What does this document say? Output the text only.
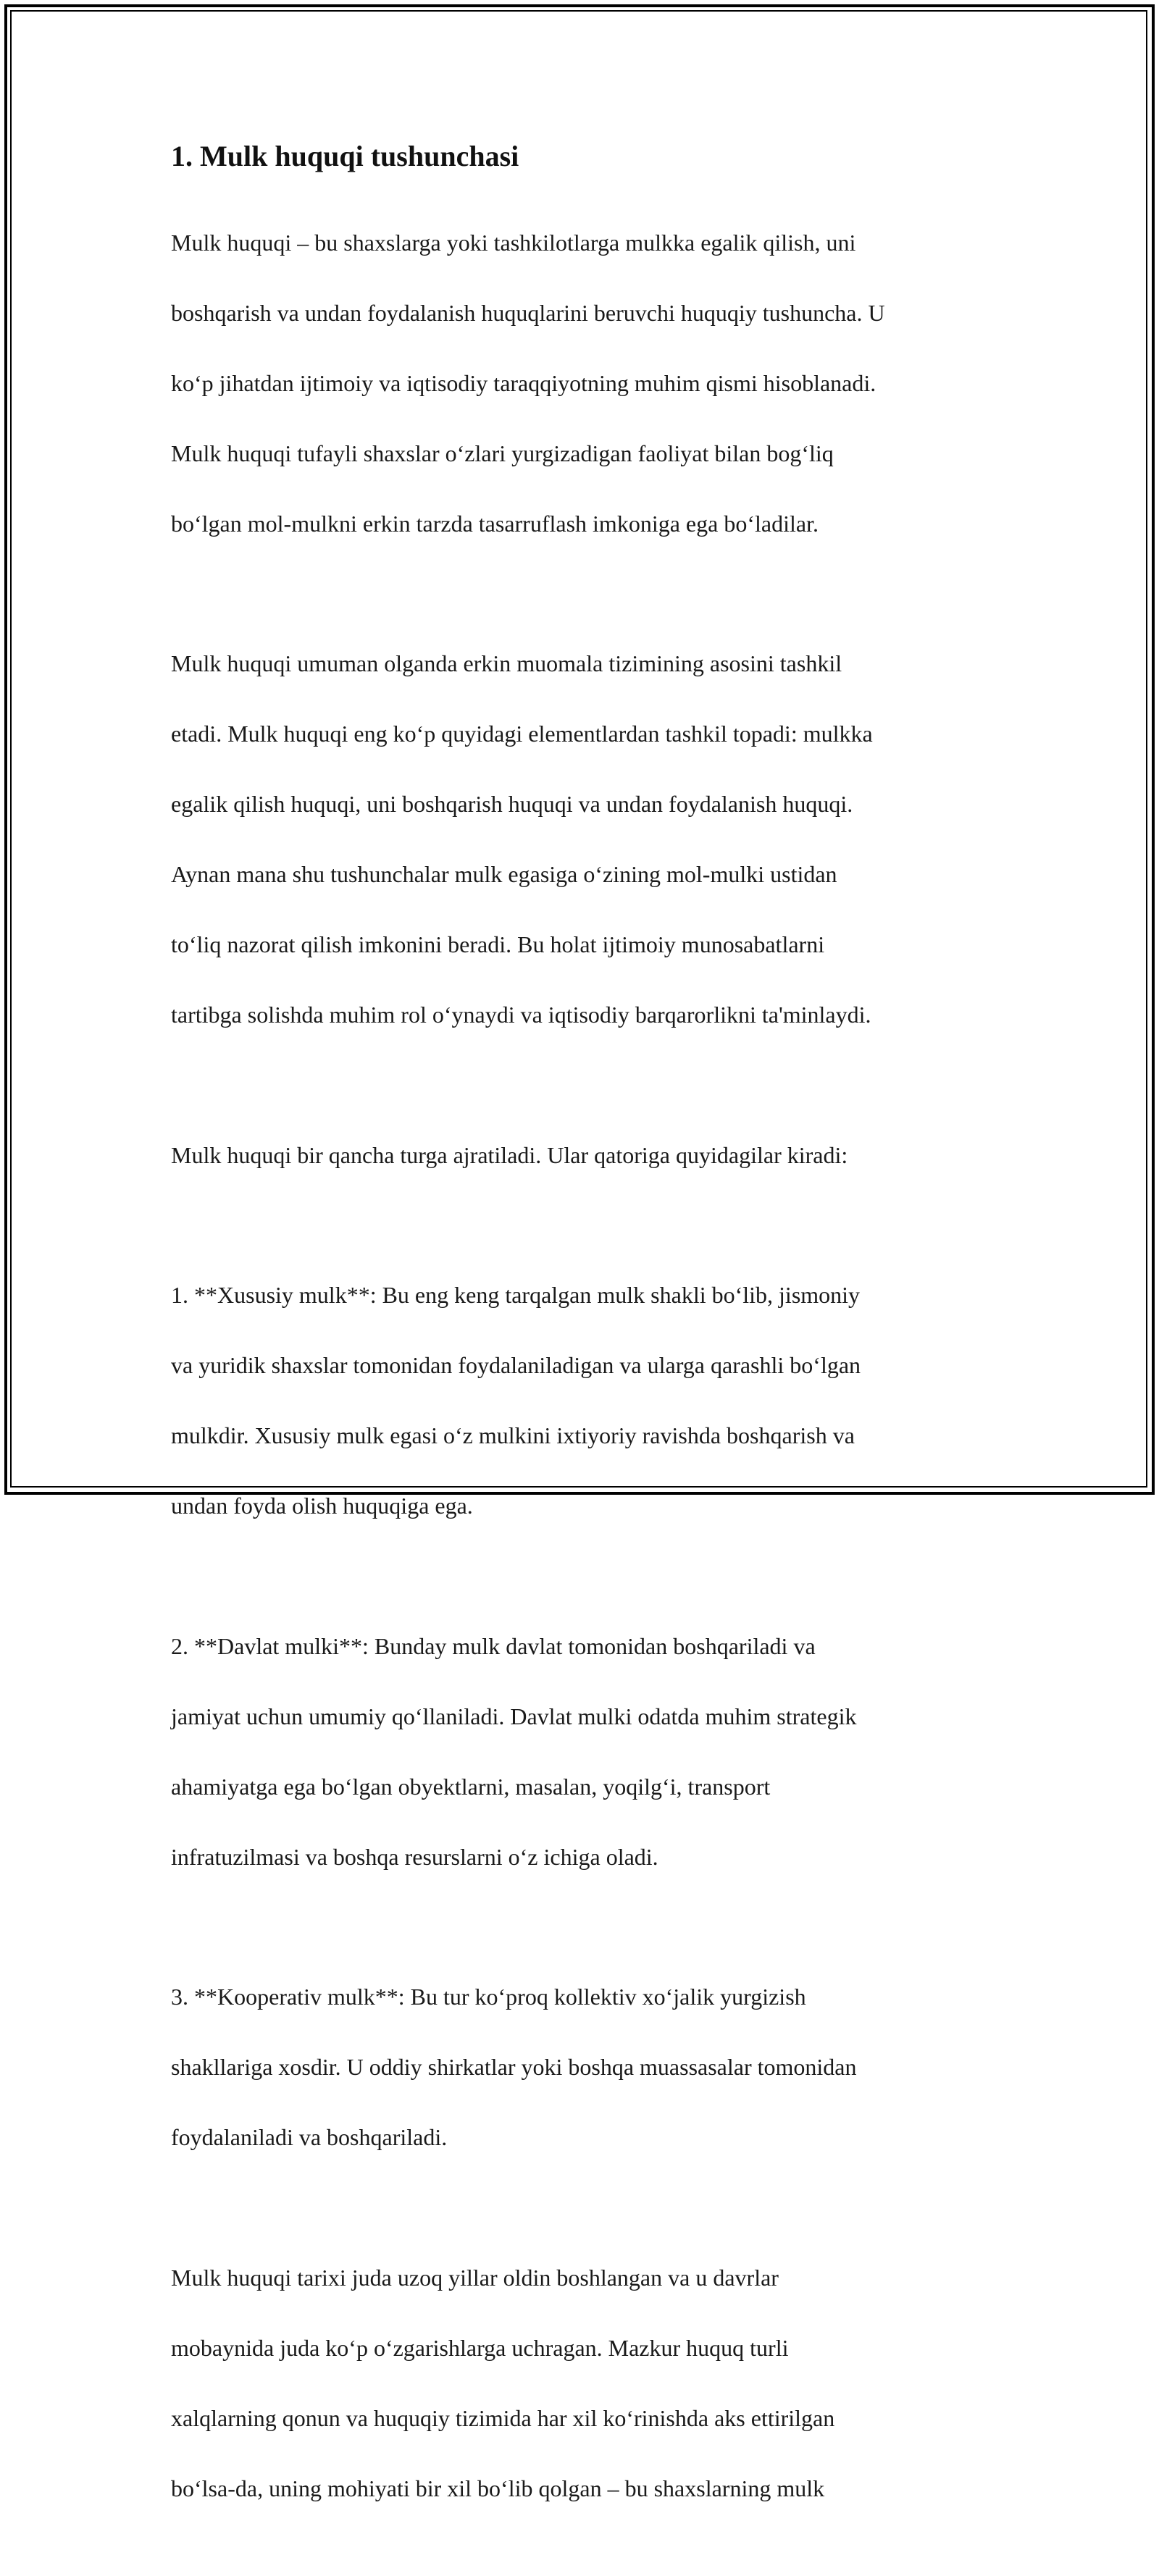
1. Mulk huquqi tushunchasi

Mulk huquqi – bu shaxslarga yoki tashkilotlarga mulkka egalik qilish, uni

boshqarish va undan foydalanish huquqlarini beruvchi huquqiy tushuncha. U

koʻp jihatdan ijtimoiy va iqtisodiy taraqqiyotning muhim qismi hisoblanadi.

Mulk huquqi tufayli shaxslar oʻzlari yurgizadigan faoliyat bilan bogʻliq

boʻlgan mol-mulkni erkin tarzda tasarruflash imkoniga ega boʻladilar.

Mulk huquqi umuman olganda erkin muomala tizimining asosini tashkil

etadi. Mulk huquqi eng koʻp quyidagi elementlardan tashkil topadi: mulkka

egalik qilish huquqi, uni boshqarish huquqi va undan foydalanish huquqi.

Aynan mana shu tushunchalar mulk egasiga oʻzining mol-mulki ustidan

toʻliq nazorat qilish imkonini beradi. Bu holat ijtimoiy munosabatlarni

tartibga solishda muhim rol oʻynaydi va iqtisodiy barqarorlikni ta'minlaydi.

Mulk huquqi bir qancha turga ajratiladi. Ular qatoriga quyidagilar kiradi:

1. **Xususiy mulk**: Bu eng keng tarqalgan mulk shakli boʻlib, jismoniy

va yuridik shaxslar tomonidan foydalaniladigan va ularga qarashli boʻlgan

mulkdir. Xususiy mulk egasi oʻz mulkini ixtiyoriy ravishda boshqarish va

undan foyda olish huquqiga ega.

2. **Davlat mulki**: Bunday mulk davlat tomonidan boshqariladi va

jamiyat uchun umumiy qoʻllaniladi. Davlat mulki odatda muhim strategik

ahamiyatga ega boʻlgan obyektlarni, masalan, yoqilgʻi, transport

infratuzilmasi va boshqa resurslarni oʻz ichiga oladi.

3. **Kooperativ mulk**: Bu tur koʻproq kollektiv xoʻjalik yurgizish

shakllariga xosdir. U oddiy shirkatlar yoki boshqa muassasalar tomonidan

foydalaniladi va boshqariladi.

Mulk huquqi tarixi juda uzoq yillar oldin boshlangan va u davrlar

mobaynida juda koʻp oʻzgarishlarga uchragan. Mazkur huquq turli

xalqlarning qonun va huquqiy tizimida har xil koʻrinishda aks ettirilgan

boʻlsa-da, uning mohiyati bir xil boʻlib qolgan – bu shaxslarning mulk
